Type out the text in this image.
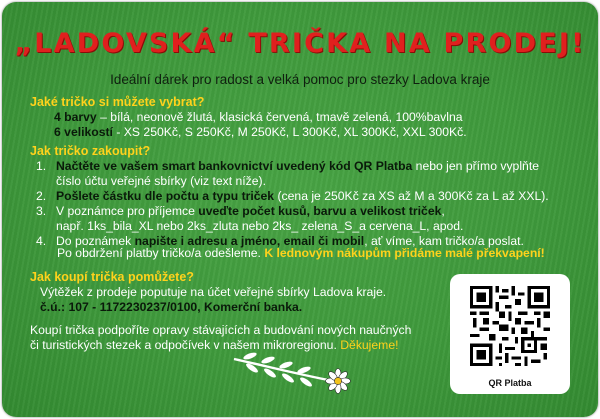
„LADOVSKÁ“ TRIČKA NA PRODEJ!
Ideální dárek pro radost a velká pomoc pro stezky Ladova kraje
Jaké tričko si můžete vybrat?
4 barvy – bílá, neonově žlutá, klasická červená, tmavě zelená, 100%bavlna
6 velikostí - XS 250Kč, S 250Kč, M 250Kč, L 300Kč, XL 300Kč, XXL 300Kč.
Jak tričko zakoupit?
1. Načtěte ve vašem smart bankovnictví uvedený kód QR Platba nebo jen přímo vyplňte
číslo účtu veřejné sbírky (viz text níže).
2. Pošlete částku dle počtu a typu triček (cena je 250Kč za XS až M a 300Kč za L až XXL).
3. V poznámce pro příjemce uveďte počet kusů, barvu a velikost triček,
např. 1ks_bila_XL nebo 2ks_zluta nebo 2ks_ zelena_S_a cervena_L, apod.
4. Do poznámek napište i adresu a jméno, email či mobil, ať víme, kam tričko/a poslat.
Po obdržení platby tričko/a odešleme. K lednovým nákupům přidáme malé překvapení!
Jak koupí trička pomůžete?
Výtěžek z prodeje poputuje na účet veřejné sbírky Ladova kraje.
č.ú.: 107 - 1172230237/0100, Komerční banka.
Koupí trička podpoříte opravy stávajících a budování nových naučných
či turistických stezek a odpočívek v našem mikroregionu. Děkujeme!
QR Platba
